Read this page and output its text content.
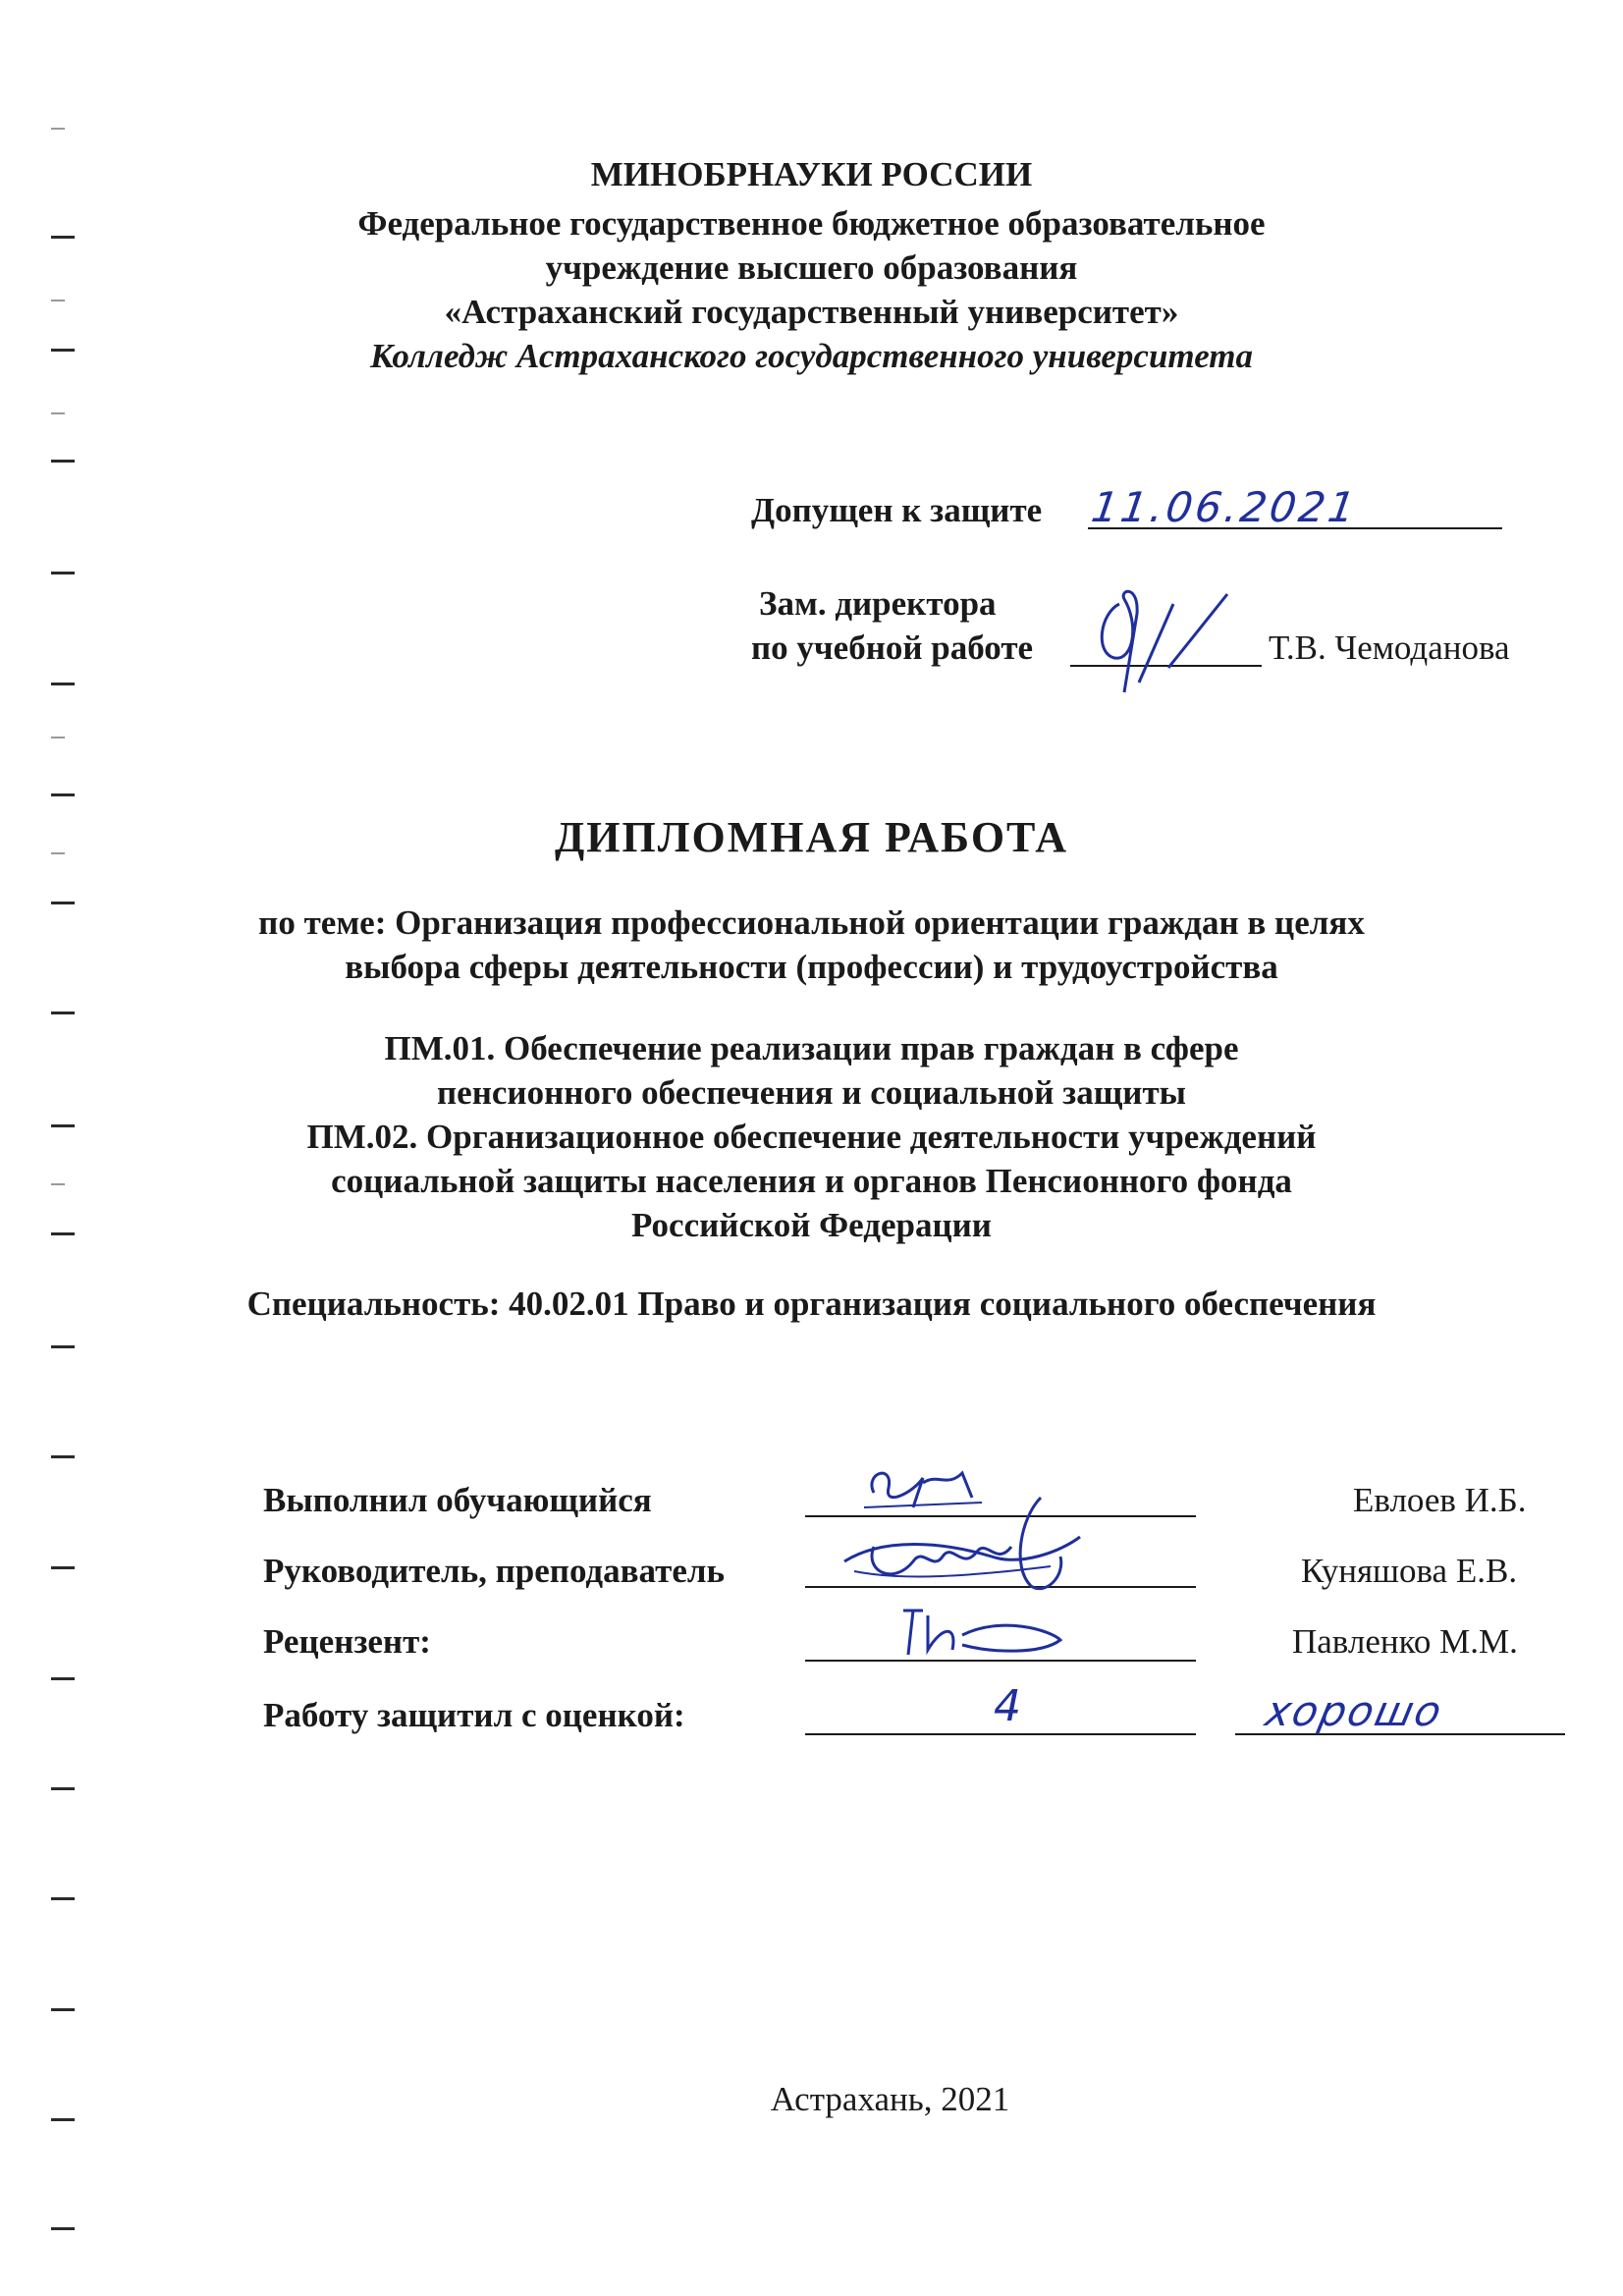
МИНОБРНАУКИ РОССИИ
Федеральное государственное бюджетное образовательное
учреждение высшего образования
«Астраханский государственный университет»
Колледж Астраханского государственного университета
Допущен к защите 11.06.2021
Зам. директора
по учебной работе	Т.В. Чемоданова
ДИПЛОМНАЯ РАБОТА
по теме: Организация профессиональной ориентации граждан в целях
выбора сферы деятельности (профессии) и трудоустройства
ПМ.01. Обеспечение реализации прав граждан в сфере
пенсионного обеспечения и социальной защиты
ПМ.02. Организационное обеспечение деятельности учреждений
социальной защиты населения и органов Пенсионного фонда
Российской Федерации
Специальность: 40.02.01 Право и организация социального обеспечения
Выполнил обучающийся	Евлоев И.Б.
Руководитель, преподаватель	Куняшова Е.В.
Рецензент:	Павленко М.М.
Работу защитил с оценкой:	4	хорошо
Астрахань, 2021
